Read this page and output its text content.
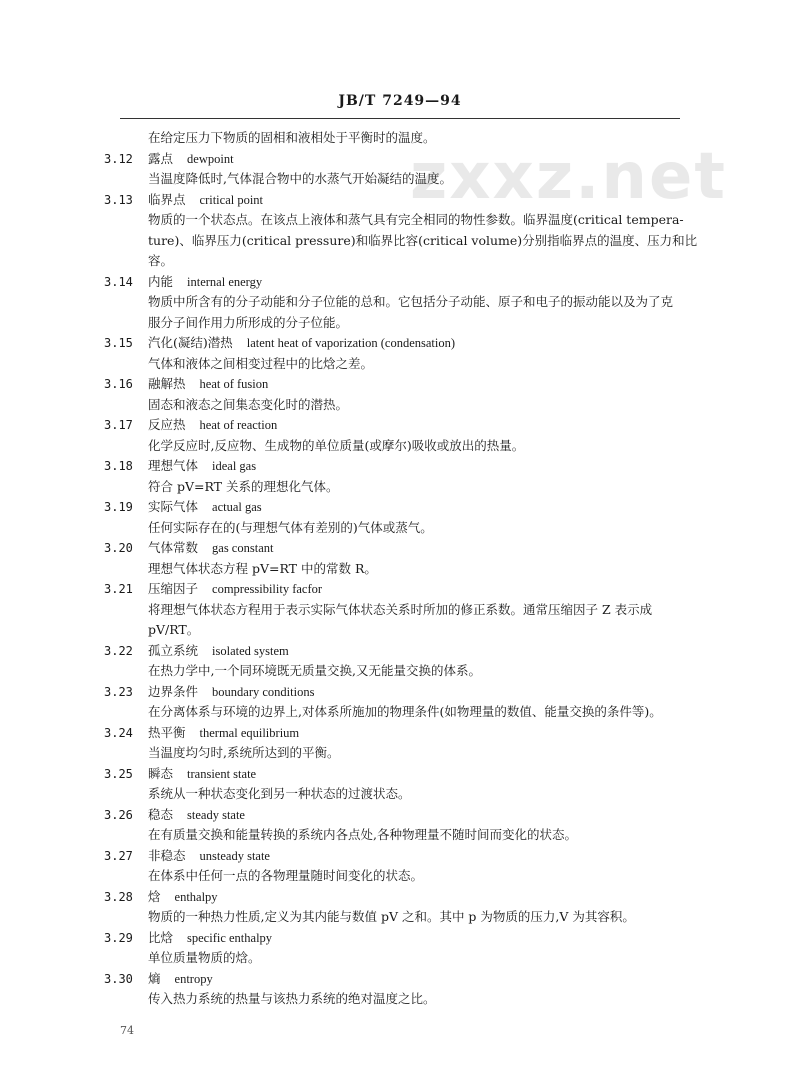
zxxz.net
JB/T 7249—94
在给定压力下物质的固相和液相处于平衡时的温度。
3.12 露点 dewpoint
当温度降低时,气体混合物中的水蒸气开始凝结的温度。
3.13 临界点 critical point
物质的一个状态点。在该点上液体和蒸气具有完全相同的物性参数。临界温度(critical tempera-
ture)、临界压力(critical pressure)和临界比容(critical volume)分别指临界点的温度、压力和比
容。
3.14 内能 internal energy
物质中所含有的分子动能和分子位能的总和。它包括分子动能、原子和电子的振动能以及为了克
服分子间作用力所形成的分子位能。
3.15 汽化(凝结)潜热 latent heat of vaporization (condensation)
气体和液体之间相变过程中的比焓之差。
3.16 融解热 heat of fusion
固态和液态之间集态变化时的潜热。
3.17 反应热 heat of reaction
化学反应时,反应物、生成物的单位质量(或摩尔)吸收或放出的热量。
3.18 理想气体 ideal gas
符合 pV=RT 关系的理想化气体。
3.19 实际气体 actual gas
任何实际存在的(与理想气体有差别的)气体或蒸气。
3.20 气体常数 gas constant
理想气体状态方程 pV=RT 中的常数 R。
3.21 压缩因子 compressibility facfor
将理想气体状态方程用于表示实际气体状态关系时所加的修正系数。通常压缩因子 Z 表示成
pV/RT。
3.22 孤立系统 isolated system
在热力学中,一个同环境既无质量交换,又无能量交换的体系。
3.23 边界条件 boundary conditions
在分离体系与环境的边界上,对体系所施加的物理条件(如物理量的数值、能量交换的条件等)。
3.24 热平衡 thermal equilibrium
当温度均匀时,系统所达到的平衡。
3.25 瞬态 transient state
系统从一种状态变化到另一种状态的过渡状态。
3.26 稳态 steady state
在有质量交换和能量转换的系统内各点处,各种物理量不随时间而变化的状态。
3.27 非稳态 unsteady state
在体系中任何一点的各物理量随时间变化的状态。
3.28 焓 enthalpy
物质的一种热力性质,定义为其内能与数值 pV 之和。其中 p 为物质的压力,V 为其容积。
3.29 比焓 specific enthalpy
单位质量物质的焓。
3.30 熵 entropy
传入热力系统的热量与该热力系统的绝对温度之比。
74
